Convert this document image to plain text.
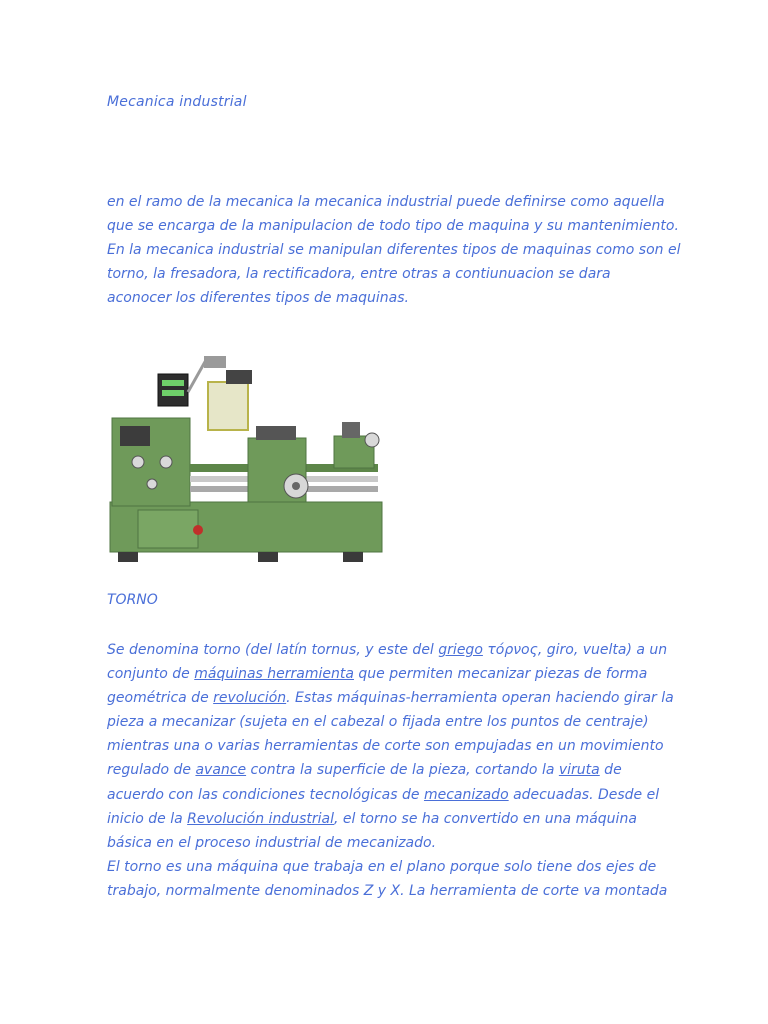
Mecanica industrial
en el ramo de la mecanica la mecanica industrial puede definirse como aquella
que se encarga de la manipulacion de todo tipo de maquina y su mantenimiento.
En la mecanica industrial se manipulan diferentes tipos de maquinas como son el
torno, la fresadora, la rectificadora, entre otras a contiunuacion se dara
aconocer los diferentes tipos de maquinas.
TORNO
Se denomina torno (del latín tornus, y este del griego τόρνος, giro, vuelta) a un
conjunto de máquinas herramienta que permiten mecanizar piezas de forma
geométrica de revolución. Estas máquinas-herramienta operan haciendo girar la
pieza a mecanizar (sujeta en el cabezal o fijada entre los puntos de centraje)
mientras una o varias herramientas de corte son empujadas en un movimiento
regulado de avance contra la superficie de la pieza, cortando la viruta de
acuerdo con las condiciones tecnológicas de mecanizado adecuadas. Desde el
inicio de la Revolución industrial, el torno se ha convertido en una máquina
básica en el proceso industrial de mecanizado.
El torno es una máquina que trabaja en el plano porque solo tiene dos ejes de
trabajo, normalmente denominados Z y X. La herramienta de corte va montada
